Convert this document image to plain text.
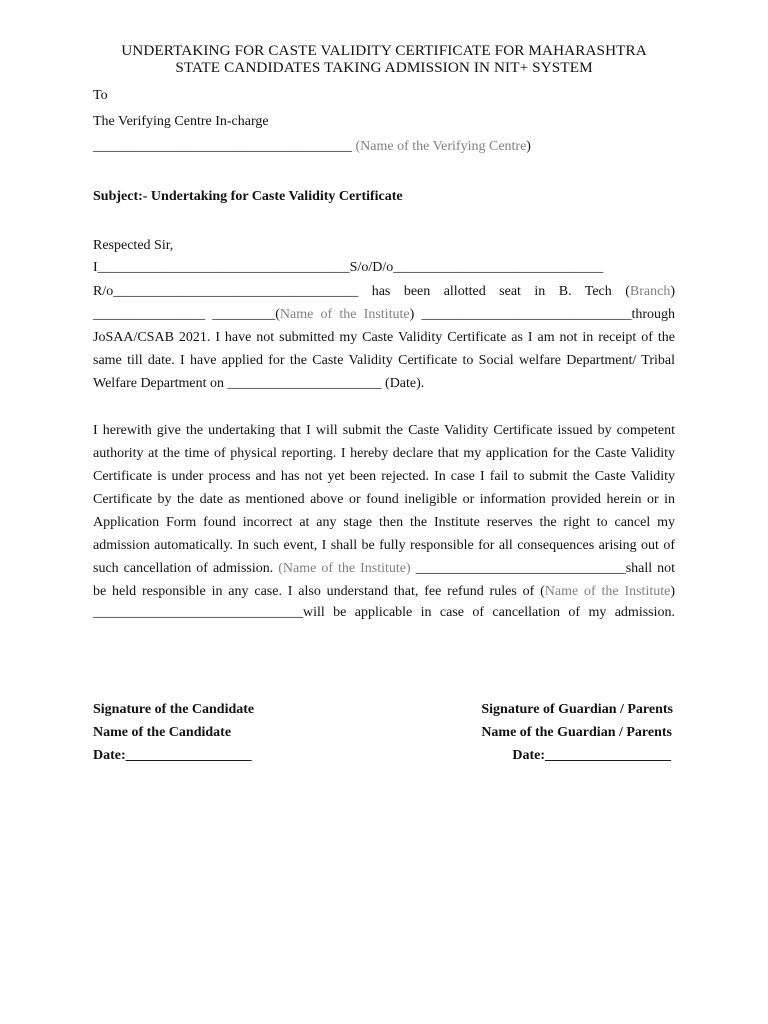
UNDERTAKING FOR CASTE VALIDITY CERTIFICATE FOR MAHARASHTRA
STATE CANDIDATES TAKING ADMISSION IN NIT+ SYSTEM
To
The Verifying Centre In-charge
_____________________________________ (Name of the Verifying Centre)
Subject:- Undertaking for Caste Validity Certificate
Respected Sir,
I____________________________________S/o/D/o______________________________
R/o___________________________________ has been allotted seat in B. Tech (Branch)
________________ _________(Name of the Institute) ______________________________through
JoSAA/CSAB 2021. I have not submitted my Caste Validity Certificate as I am not in receipt of the
same till date. I have applied for the Caste Validity Certificate to Social welfare Department/ Tribal
Welfare Department on ______________________ (Date).
I herewith give the undertaking that I will submit the Caste Validity Certificate issued by competent
authority at the time of physical reporting. I hereby declare that my application for the Caste Validity
Certificate is under process and has not yet been rejected. In case I fail to submit the Caste Validity
Certificate by the date as mentioned above or found ineligible or information provided herein or in
Application Form found incorrect at any stage then the Institute reserves the right to cancel my
admission automatically. In such event, I shall be fully responsible for all consequences arising out of
such cancellation of admission. (Name of the Institute) ______________________________shall not
be held responsible in any case. I also understand that, fee refund rules of (Name of the Institute)
______________________________will be applicable in case of cancellation of my admission.
Signature of the Candidate
Name of the Candidate
Date:__________________
Signature of Guardian / Parents
Name of the Guardian / Parents
Date:__________________
